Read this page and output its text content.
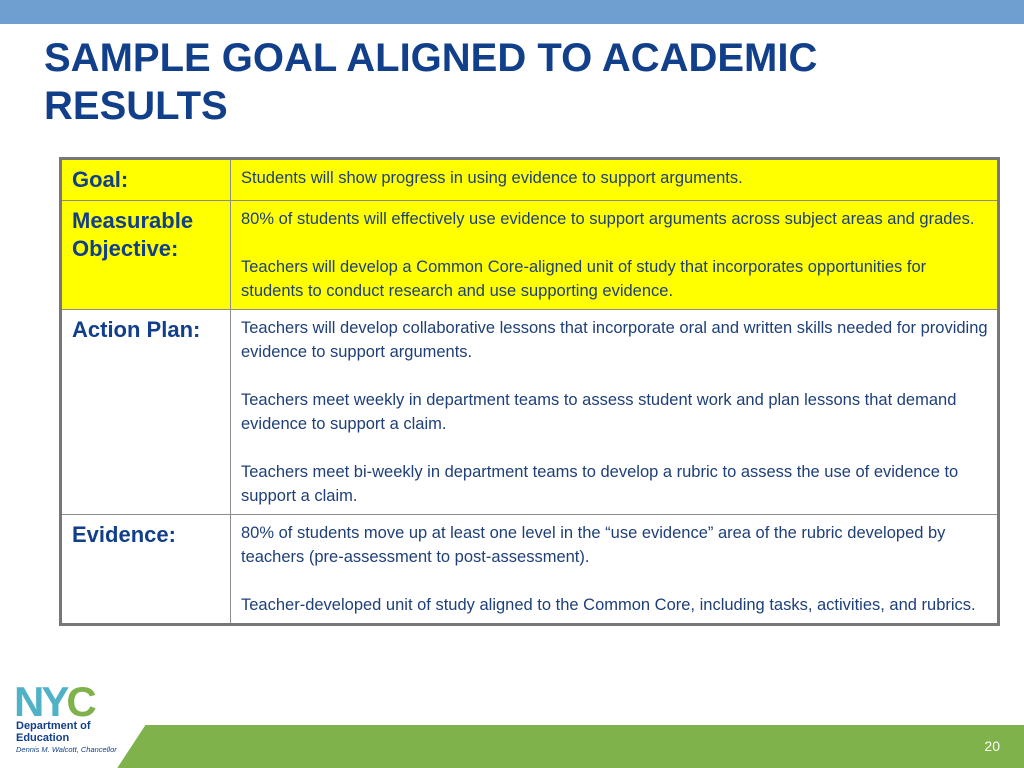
SAMPLE GOAL ALIGNED TO ACADEMIC RESULTS
Goal:	Students will show progress in using evidence to support arguments.

Measurable Objective:	80% of students will effectively use evidence to support arguments across subject areas and grades.
Teachers will develop a Common Core-aligned unit of study that incorporates opportunities for students to conduct research and use supporting evidence.

Action Plan:	Teachers will develop collaborative lessons that incorporate oral and written skills needed for providing evidence to support arguments.
Teachers meet weekly in department teams to assess student work and plan lessons that demand evidence to support a claim.
Teachers meet bi-weekly in department teams to develop a rubric to assess the use of evidence to support a claim.

Evidence:	80% of students move up at least one level in the “use evidence” area of the rubric developed by teachers (pre-assessment to post-assessment).
Teacher-developed unit of study aligned to the Common Core, including tasks, activities, and rubrics.
NYC
Department of
Education
Dennis M. Walcott, Chancellor	20
